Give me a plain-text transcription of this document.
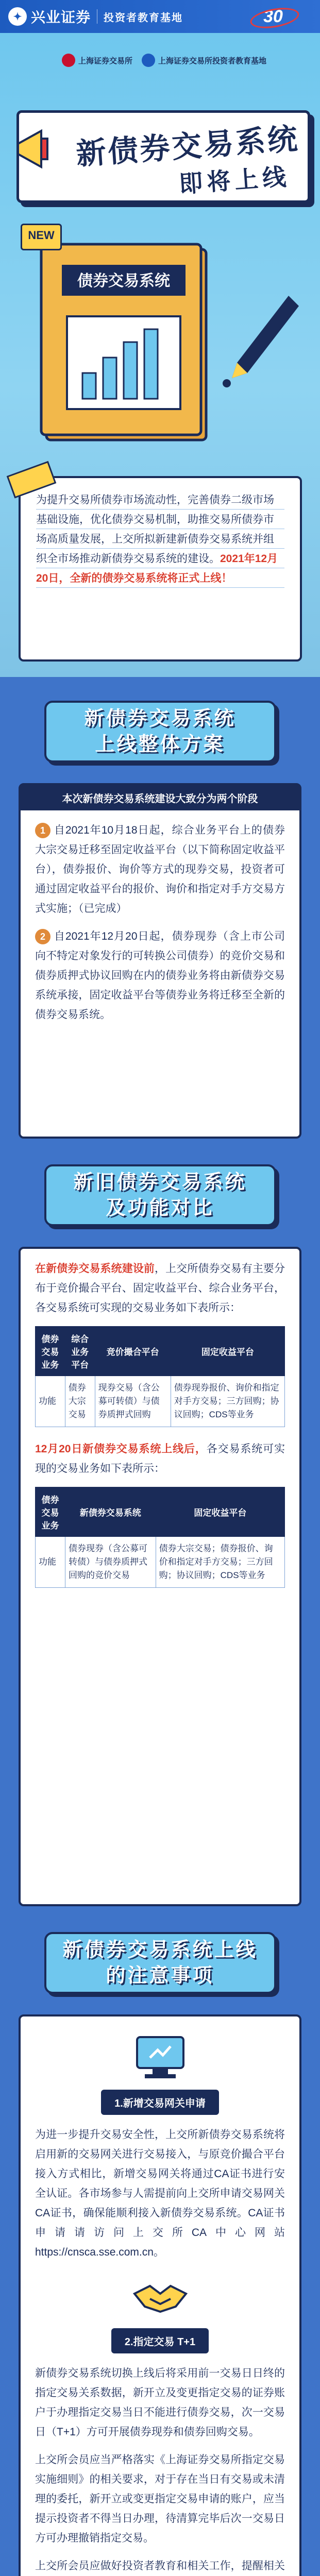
✦ 兴业证券 投资者教育基地	30
上海证券交易所	上海证券交易所投资者教育基地
新债券交易系统
即将上线
债券交易系统
NEW

为提升交易所债券市场流动性，完善债券二级市场基础设施，优化债券交易机制，助推交易所债券市场高质量发展，上交所拟新建新债券交易系统并组织全市场推动新债券交易系统的建设。2021年12月20日，全新的债券交易系统将正式上线！

新债券交易系统
上线整体方案
本次新债券交易系统建设大致分为两个阶段

1 自2021年10月18日起，综合业务平台上的债券大宗交易迁移至固定收益平台（以下简称固定收益平台），债券报价、询价等方式的现券交易，投资者可通过固定收益平台的报价、询价和指定对手方交易方式实施；（已完成）

2 自2021年12月20日起，债券现券（含上市公司向不特定对象发行的可转换公司债券）的竞价交易和债券质押式协议回购在内的债券业务将由新债券交易系统承接，固定收益平台等债券业务将迁移至全新的债券交易系统。

新旧债券交易系统
及功能对比

在新债券交易系统建设前，上交所债券交易有主要分布于竞价撮合平台、固定收益平台、综合业务平台，各交易系统可实现的交易业务如下表所示：

债券交易业务	综合业务平台	竞价撮合平台	固定收益平台
功能	债券大宗交易	现券交易（含公募可转债）与债券质押式回购	债券现券报价、询价和指定对手方交易；三方回购；协议回购；CDS等业务

12月20日新债券交易系统上线后，各交易系统可实现的交易业务如下表所示：

债券交易业务	新债券交易系统	固定收益平台
功能	债券现券（含公募可转债）与债券质押式回购的竞价交易	债券大宗交易；债券报价、询价和指定对手方交易；三方回购；协议回购；CDS等业务
新债券交易系统上线
的注意事项
1.新增交易网关申请

为进一步提升交易安全性，上交所新债券交易系统将启用新的交易网关进行交易接入，与原竞价撮合平台接入方式相比，新增交易网关将通过CA证书进行安全认证。各市场参与人需提前向上交所申请交易网关CA证书，确保能顺利接入新债券交易系统。CA证书申请请访问上交所CA中心网站https://cnsca.sse.com.cn。

2.指定交易 T+1

新债券交易系统切换上线后将采用前一交易日日终的指定交易关系数据，新开立及变更指定交易的证券账户于办理指定交易当日不能进行债券交易，次一交易日（T+1）方可开展债券现券和债券回购交易。

上交所会员应当严格落实《上海证券交易所指定交易实施细则》的相关要求，对于存在当日有交易或未清理的委托，新开立或变更指定交易申请的账户，应当提示投资者不得当日办理，待清算完毕后次一交易日方可办理撤销指定交易。

上交所会员应做好投资者教育和相关工作，提醒相关
